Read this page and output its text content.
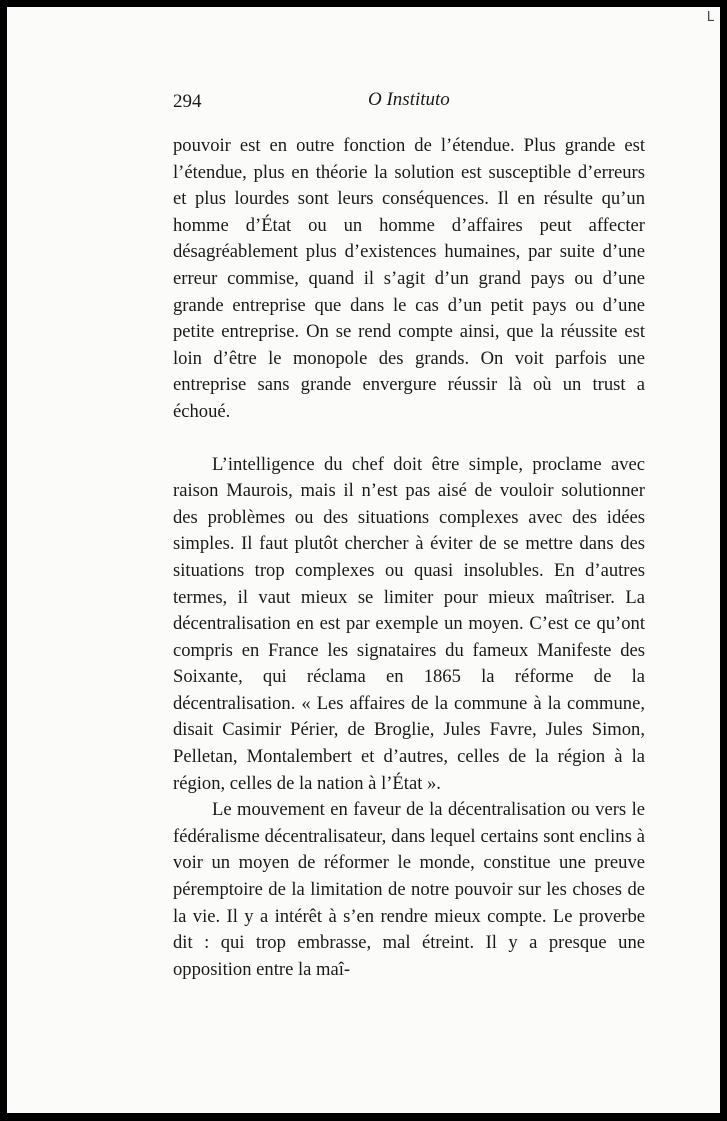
L
294	O Instituto

pouvoir est en outre fonction de l’étendue. Plus grande est l’étendue, plus en théorie la solution est susceptible d’erreurs et plus lourdes sont leurs conséquences. Il en résulte qu’un homme d’État ou un homme d’affaires peut affecter désagréablement plus d’existences humaines, par suite d’une erreur commise, quand il s’agit d’un grand pays ou d’une grande entreprise que dans le cas d’un petit pays ou d’une petite entreprise. On se rend compte ainsi, que la réussite est loin d’être le monopole des grands. On voit parfois une entreprise sans grande envergure réussir là où un trust a échoué.

L’intelligence du chef doit être simple, proclame avec raison Maurois, mais il n’est pas aisé de vouloir solutionner des problèmes ou des situations complexes avec des idées simples. Il faut plutôt chercher à éviter de se mettre dans des situations trop complexes ou quasi insolubles. En d’autres termes, il vaut mieux se limiter pour mieux maîtriser. La décentralisation en est par exemple un moyen. C’est ce qu’ont compris en France les signataires du fameux Manifeste des Soixante, qui réclama en 1865 la réforme de la décentralisation. « Les affaires de la commune à la commune, disait Casimir Périer, de Broglie, Jules Favre, Jules Simon, Pelletan, Montalembert et d’autres, celles de la région à la région, celles de la nation à l’État ».

Le mouvement en faveur de la décentralisation ou vers le fédéralisme décentralisateur, dans lequel certains sont enclins à voir un moyen de réformer le monde, constitue une preuve péremptoire de la limitation de notre pouvoir sur les choses de la vie. Il y a intérêt à s’en rendre mieux compte. Le proverbe dit : qui trop embrasse, mal étreint. Il y a presque une opposition entre la maî-
